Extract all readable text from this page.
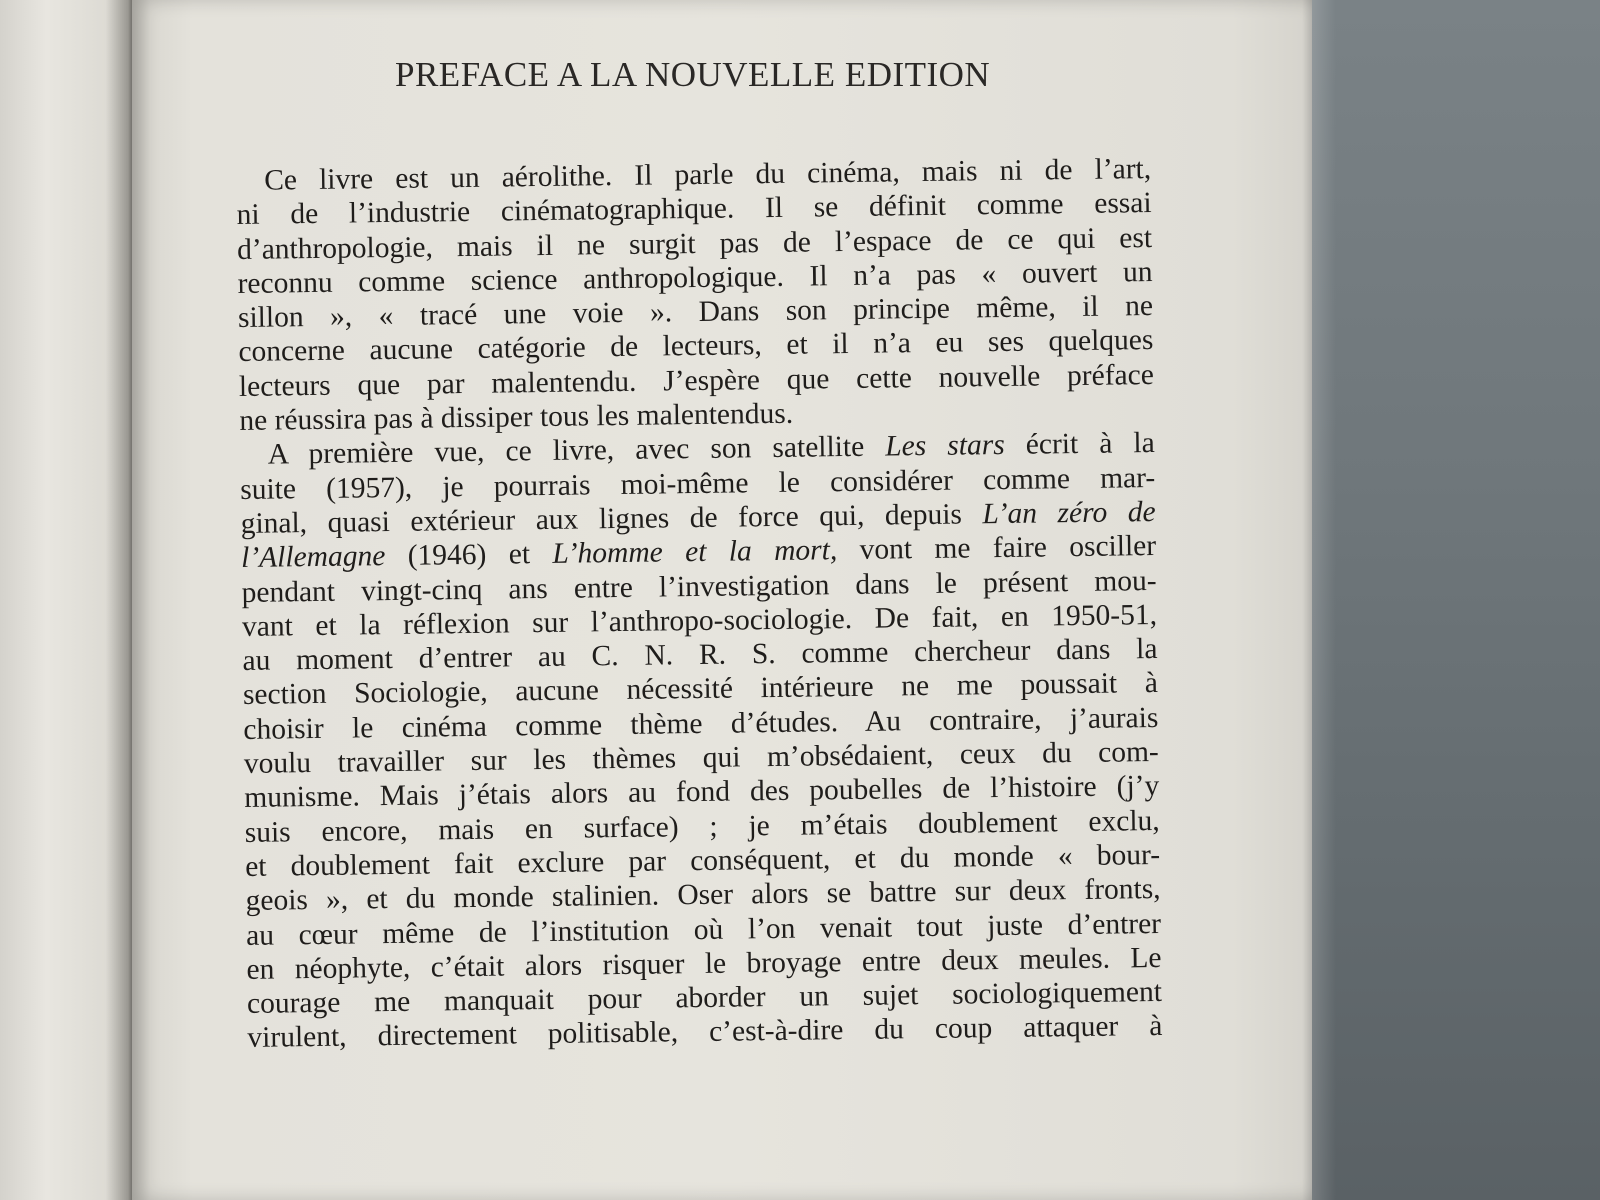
PREFACE A LA NOUVELLE EDITION
Ce livre est un aérolithe. Il parle du cinéma, mais ni de l’art,
ni de l’industrie cinématographique. Il se définit comme essai
d’anthropologie, mais il ne surgit pas de l’espace de ce qui est
reconnu comme science anthropologique. Il n’a pas « ouvert un
sillon », « tracé une voie ». Dans son principe même, il ne
concerne aucune catégorie de lecteurs, et il n’a eu ses quelques
lecteurs que par malentendu. J’espère que cette nouvelle préface
ne réussira pas à dissiper tous les malentendus.
A première vue, ce livre, avec son satellite Les stars écrit à la
suite (1957), je pourrais moi-même le considérer comme mar-
ginal, quasi extérieur aux lignes de force qui, depuis L’an zéro de
l’Allemagne (1946) et L’homme et la mort, vont me faire osciller
pendant vingt-cinq ans entre l’investigation dans le présent mou-
vant et la réflexion sur l’anthropo-sociologie. De fait, en 1950-51,
au moment d’entrer au C. N. R. S. comme chercheur dans la
section Sociologie, aucune nécessité intérieure ne me poussait à
choisir le cinéma comme thème d’études. Au contraire, j’aurais
voulu travailler sur les thèmes qui m’obsédaient, ceux du com-
munisme. Mais j’étais alors au fond des poubelles de l’histoire (j’y
suis encore, mais en surface) ; je m’étais doublement exclu,
et doublement fait exclure par conséquent, et du monde « bour-
geois », et du monde stalinien. Oser alors se battre sur deux fronts,
au cœur même de l’institution où l’on venait tout juste d’entrer
en néophyte, c’était alors risquer le broyage entre deux meules. Le
courage me manquait pour aborder un sujet sociologiquement
virulent, directement politisable, c’est-à-dire du coup attaquer à
